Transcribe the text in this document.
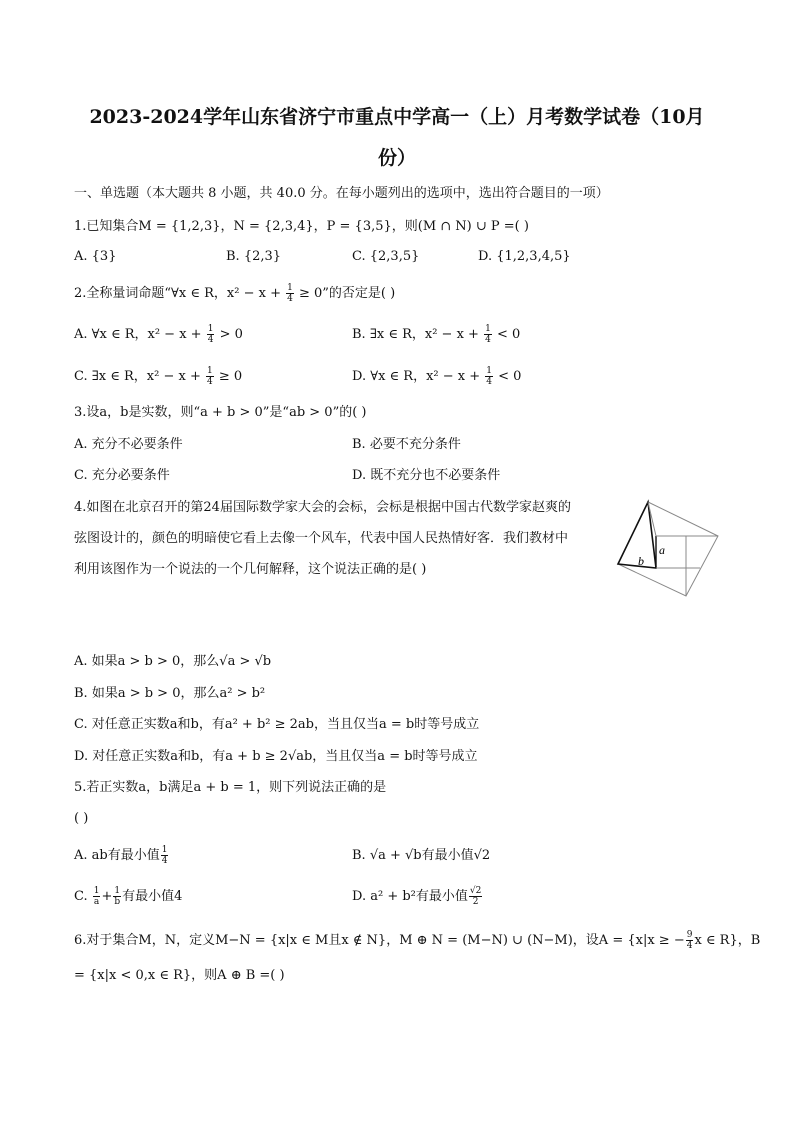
2023-2024学年山东省济宁市重点中学高一（上）月考数学试卷（10月
份）
一、单选题（本大题共 8 小题，共 40.0 分。在每小题列出的选项中，选出符合题目的一项）
1.已知集合M = {1,2,3}，N = {2,3,4}，P = {3,5}，则(M ∩ N) ∪ P =( )
A. {3}	B. {2,3}	C. {2,3,5}	D. {1,2,3,4,5}
2.全称量词命题“∀x ∈ R，$x^2 - x + \frac{1}{4} \ge 0$”的否定是( )
A. ∀x ∈ R，$x^2 - x + \frac{1}{4} > 0$	B. ∃x ∈ R，$x^2 - x + \frac{1}{4} < 0$
C. ∃x ∈ R，$x^2 - x + \frac{1}{4} \ge 0$	D. ∀x ∈ R，$x^2 - x + \frac{1}{4} < 0$
3.设a，b是实数，则“a + b > 0”是“ab > 0”的( )
A. 充分不必要条件	B. 必要不充分条件
C. 充分必要条件	D. 既不充分也不必要条件
4.如图在北京召开的第24届国际数学家大会的会标，会标是根据中国古代数学家赵爽的
弦图设计的，颜色的明暗使它看上去像一个风车，代表中国人民热情好客．我们教材中
利用该图作为一个说法的一个几何解释，这个说法正确的是( )
a
b
A. 如果a > b > 0，那么√a > √b
B. 如果a > b > 0，那么a² > b²
C. 对任意正实数a和b，有a² + b² ≥ 2ab，当且仅当a = b时等号成立
D. 对任意正实数a和b，有a + b ≥ 2√ab，当且仅当a = b时等号成立
5.若正实数a，b满足a + b = 1，则下列说法正确的是
( )
A. ab有最小值 $\frac{1}{4}$	B. √a + √b有最小值√2
C. $\frac{1}{a} + \frac{1}{b}$ 有最小值4	D. a² + b²有最小值 $\frac{√2}{2}$
6.对于集合M，N，定义M−N = {x|x ∈ M且x ∉ N}，M ⊕ N = (M−N) ∪ (N−M)，设A = {x|x ≥ − $\frac{9}{4}$ x ∈ R}，B
= {x|x < 0,x ∈ R}，则A ⊕ B =( )
